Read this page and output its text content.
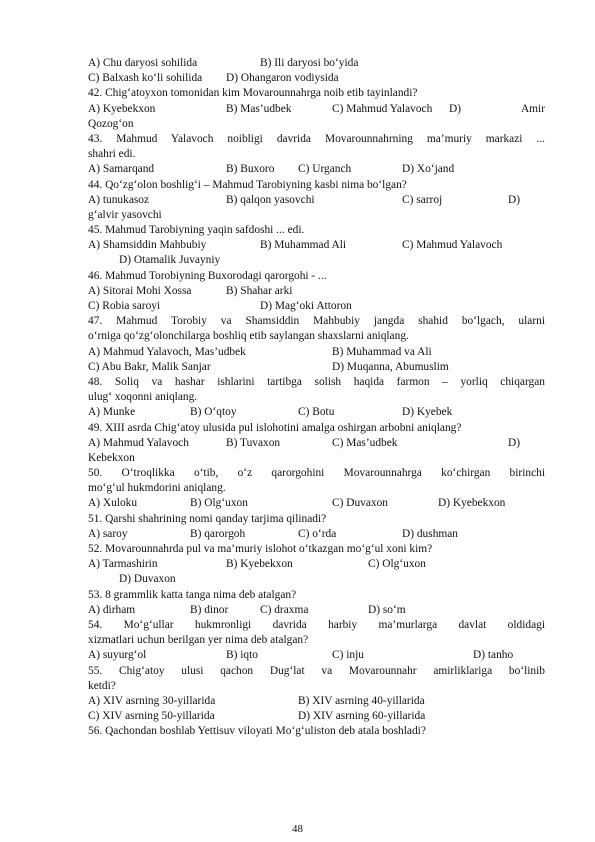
A) Chu daryosi sohilida	B) Ili daryosi bo‘yida
C) Balxash ko‘li sohilida D) Ohangaron vodiysida
42. Chig‘atoyxon tomonidan kim Movarounnahrga noib etib tayinlandi?
A) Kyebekxon	B) Mas’udbek	C) Mahmud Yalavoch D)	Amir
Qozog‘on
43. Mahmud Yalavoch noibligi davrida Movarounnahrning ma’muriy markazi ...
shahri edi.
A) Samarqand	B) Buxoro C) Urganch	D) Xo‘jand
44. Qo‘zg‘olon boshlig‘i – Mahmud Tarobiyning kasbi nima bo‘lgan?
A) tunukasoz	B) qalqon yasovchi	C) sarroj	D)
g‘alvir yasovchi
45. Mahmud Tarobiyning yaqin safdoshi ... edi.
A) Shamsiddin Mahbubiy	B) Muhammad Ali	C) Mahmud Yalavoch
D) Otamalik Juvayniy
46. Mahmud Torobiyning Buxorodagi qarorgohi - ...
A) Sitorai Mohi Xossa	B) Shahar arki
C) Robia saroyi	D) Mag‘oki Attoron
47. Mahmud Torobiy va Shamsiddin Mahbubiy jangda shahid bo‘lgach, ularni
o‘rniga qo‘zg‘olonchilarga boshliq etib saylangan shaxslarni aniqlang.
A) Mahmud Yalavoch, Mas’udbek	B) Muhammad va Ali
C) Abu Bakr, Malik Sanjar	D) Muqanna, Abumuslim
48. Soliq va hashar ishlarini tartibga solish haqida farmon – yorliq chiqargan
ulug‘ xoqonni aniqlang.
A) Munke	B) O‘qtoy	C) Botu	D) Kyebek
49. XIII asrda Chig‘atoy ulusida pul islohotini amalga oshirgan arbobni aniqlang?
A) Mahmud Yalavoch	B) Tuvaxon	C) Mas’udbek	D)
Kebekxon
50. O‘troqlikka o‘tib, o‘z qarorgohini Movarounnahrga ko‘chirgan birinchi
mo‘g‘ul hukmdorini aniqlang.
A) Xuloku	B) Olg‘uxon	C) Duvaxon	D) Kyebekxon
51. Qarshi shahrining nomi qanday tarjima qilinadi?
A) saroy	B) qarorgoh	C) o‘rda	D) dushman
52. Movarounnahrda pul va ma’muriy islohot o‘tkazgan mo‘g‘ul xoni kim?
A) Tarmashirin	B) Kyebekxon	C) Olg‘uxon
D) Duvaxon
53. 8 grammlik katta tanga nima deb atalgan?
A) dirham	B) dinor	C) draxma	D) so‘m
54. Mo‘g‘ullar hukmronligi davrida harbiy ma’murlarga davlat oldidagi
xizmatlari uchun berilgan yer nima deb atalgan?
A) suyurg‘ol	B) iqto	C) inju	D) tanho
55. Chig‘atoy ulusi qachon Dug‘lat va Movarounnahr amirliklariga bo‘linib
ketdi?
A) XIV asrning 30-yillarida	B) XIV asrning 40-yillarida
C) XIV asrning 50-yillarida	D) XIV asrning 60-yillarida
56. Qachondan boshlab Yettisuv viloyati Mo‘g‘uliston deb atala boshladi?
48
